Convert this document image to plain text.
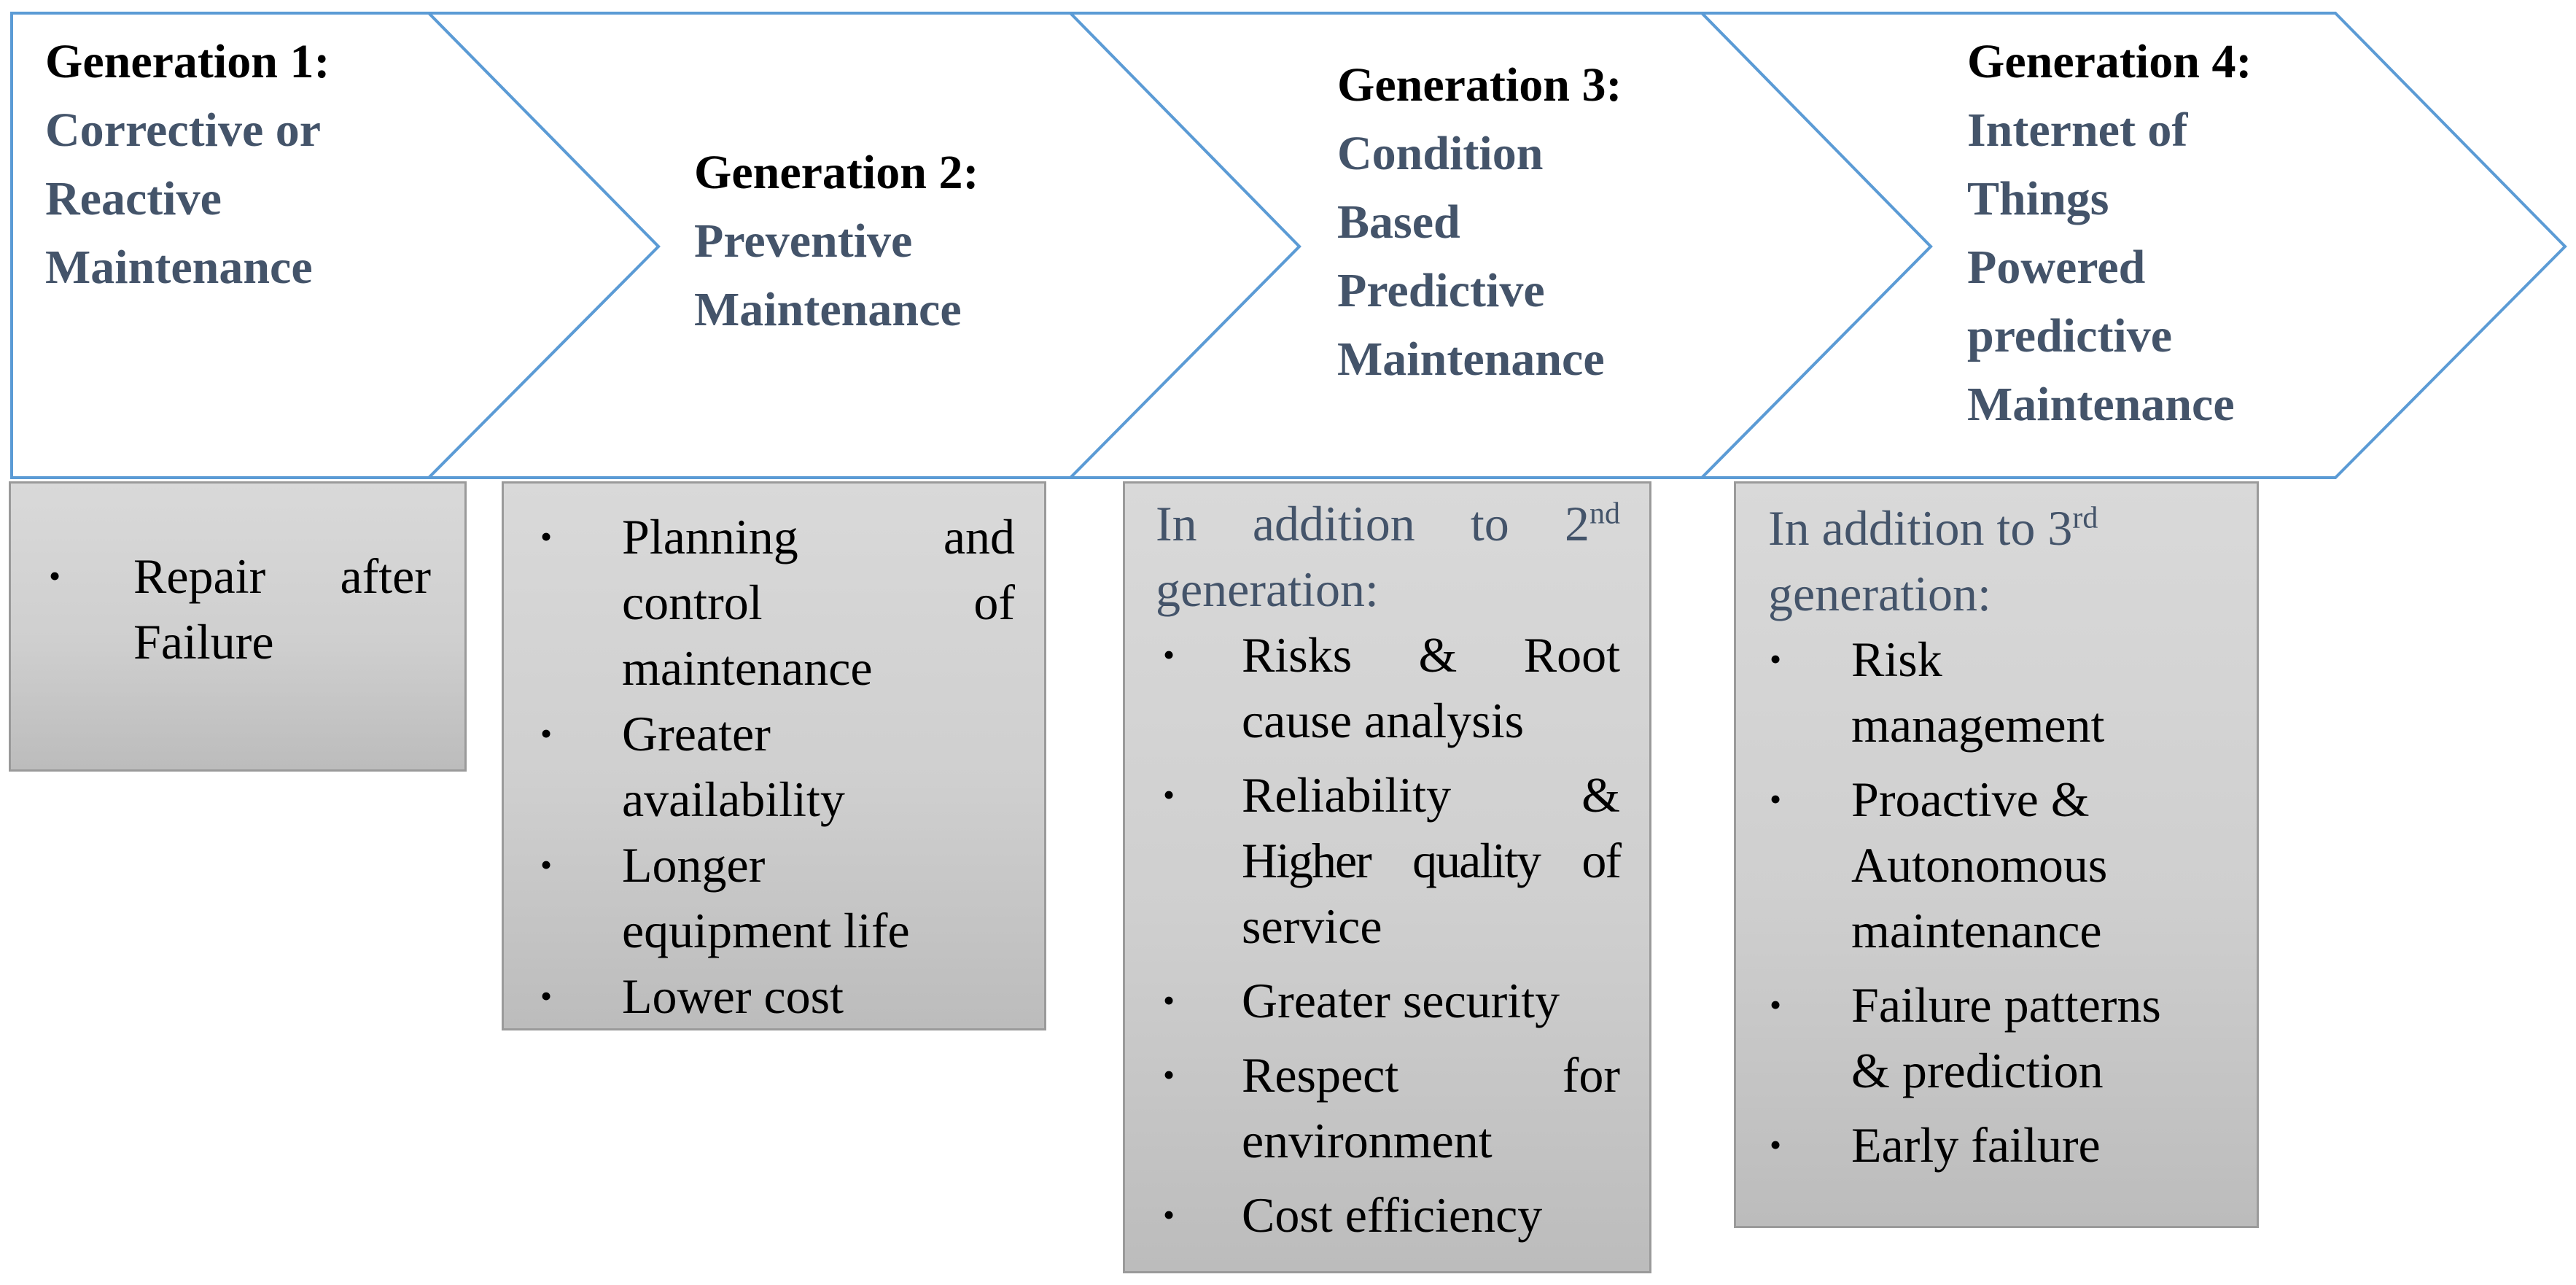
Generation 1:
Corrective or
Reactive
Maintenance
Generation 2:
Preventive
Maintenance
Generation 3:
Condition
Based
Predictive
Maintenance
Generation 4:
Internet of
Things
Powered
predictive
Maintenance
• Repair after
Failure
• Planning and
control of
maintenance
• Greater
availability
• Longer
equipment life
• Lower cost
In addition to 2nd
generation:
• Risks & Root
cause analysis
• Reliability &
Higher quality of
service
• Greater security
• Respect for
environment
• Cost efficiency
In addition to 3rd
generation:
• Risk
management
• Proactive &
Autonomous
maintenance
• Failure patterns
& prediction
• Early failure
